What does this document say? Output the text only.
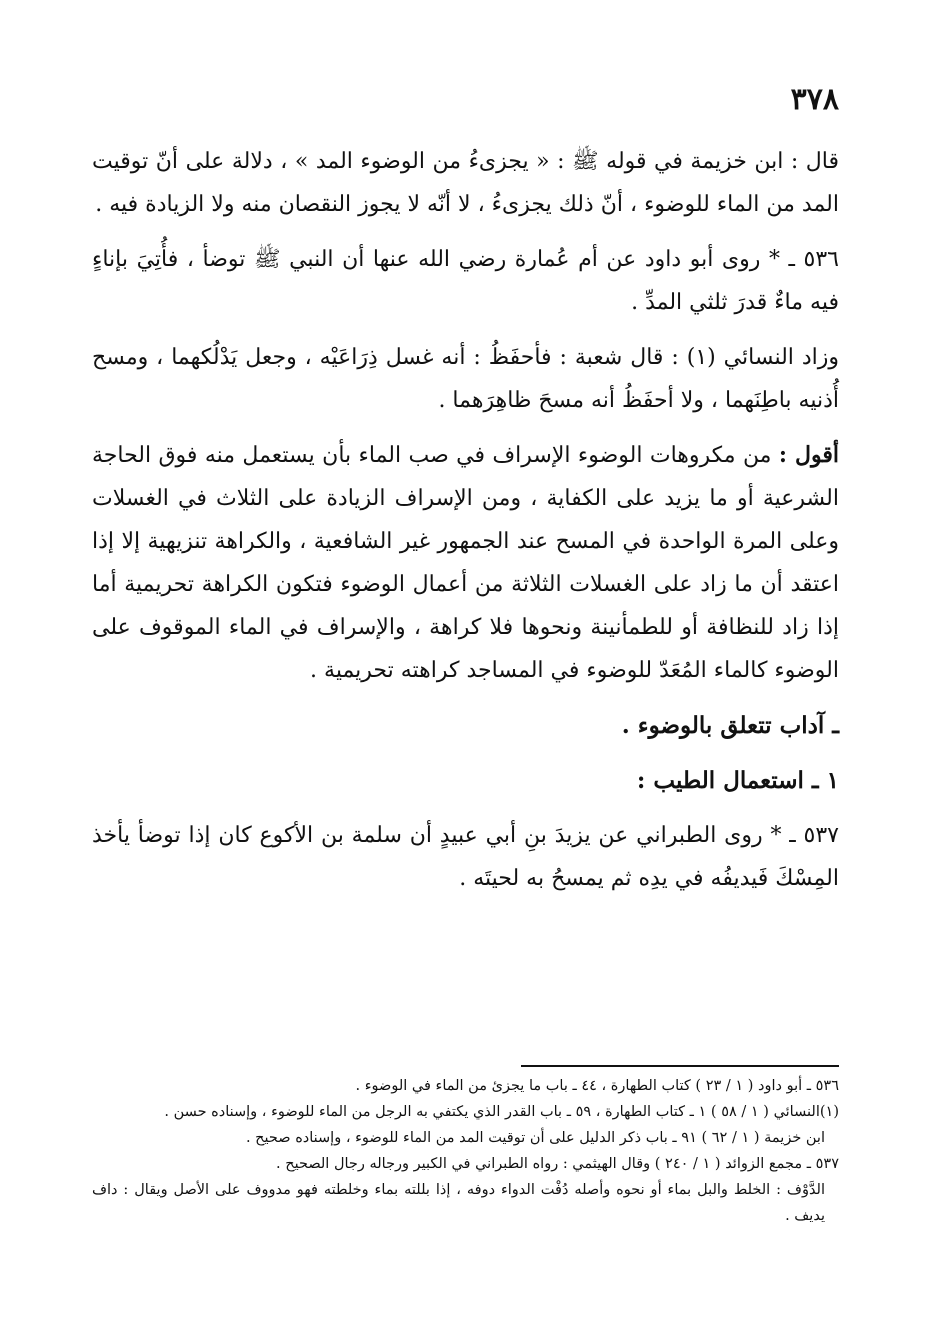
٣٧٨

قال : ابن خزيمة في قوله ﷺ : « يجزىءُ من الوضوء المد » ، دلالة على أنّ توقيت المد من الماء للوضوء ، أنّ ذلك يجزىءُ ، لا أنّه لا يجوز النقصان منه ولا الزيادة فيه .

٥٣٦ ـ * روى أبو داود عن أم عُمارة رضي الله عنها أن النبي ﷺ توضأ ، فأُتِيَ بإناءٍ فيه ماءٌ قدرَ ثلثي المدِّ .

وزاد النسائي (١) : قال شعبة : فأحفَظُ : أنه غسل ذِرَاعَيْه ، وجعل يَدْلُكهما ، ومسح أُذنيه باطِنَهما ، ولا أحفَظُ أنه مسحَ ظاهِرَهما .

أقول : من مكروهات الوضوء الإسراف في صب الماء بأن يستعمل منه فوق الحاجة الشرعية أو ما يزيد على الكفاية ، ومن الإسراف الزيادة على الثلاث في الغسلات وعلى المرة الواحدة في المسح عند الجمهور غير الشافعية ، والكراهة تنزيهية إلا إذا اعتقد أن ما زاد على الغسلات الثلاثة من أعمال الوضوء فتكون الكراهة تحريمية أما إذا زاد للنظافة أو للطمأنينة ونحوها فلا كراهة ، والإسراف في الماء الموقوف على الوضوء كالماء المُعَدّ للوضوء في المساجد كراهته تحريمية .

ـ آداب تتعلق بالوضوء .
١ ـ استعمال الطيب :

٥٣٧ ـ * روى الطبراني عن يزيدَ بنِ أبي عبيدٍ أن سلمة بن الأكوع كان إذا توضأ يأخذ المِسْكَ فَيديفُه في يدِه ثم يمسحُ به لحيتَه .

٥٣٦ ـ أبو داود ( ١ / ٢٣ ) كتاب الطهارة ، ٤٤ ـ باب ما يجزئ من الماء في الوضوء .

(١)النسائي ( ١ / ٥٨ ) ١ ـ كتاب الطهارة ، ٥٩ ـ باب القدر الذي يكتفي به الرجل من الماء للوضوء ، وإسناده حسن .

ابن خزيمة ( ١ / ٦٢ ) ٩١ ـ باب ذكر الدليل على أن توقيت المد من الماء للوضوء ، وإسناده صحيح .

٥٣٧ ـ مجمع الزوائد ( ١ / ٢٤٠ ) وقال الهيثمي : رواه الطبراني في الكبير ورجاله رجال الصحيح .

الدَّوْف : الخلط والبل بماء أو نحوه وأصله دُفْت الدواء دوفه ، إذا بللته بماء وخلطته فهو مدووف على الأصل ويقال : داف يديف .
